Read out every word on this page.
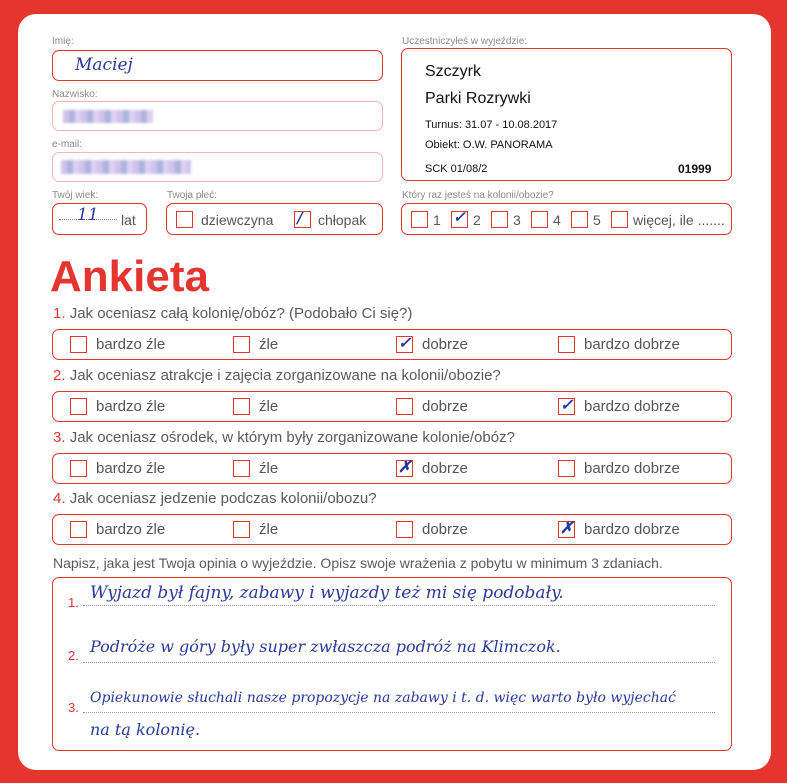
Imię:
Maciej
Nazwisko:
e-mail:
Uczestniczyłeś w wyjeździe:
Szczyrk
Parki Rozrywki
Turnus: 31.07 - 10.08.2017
Obiekt: O.W. PANORAMA
SCK 01/08/2	01999
Twój wiek:
11 lat
Twoja płeć:
dziewczyna / chłopak
Który raz jesteś na kolonii/obozie?
1 ✓ 2 3 4 5 więcej, ile .......
Ankieta
1. Jak oceniasz całą kolonię/obóz? (Podobało Ci się?)
bardzo źle	źle	✓ dobrze	bardzo dobrze
2. Jak oceniasz atrakcje i zajęcia zorganizowane na kolonii/obozie?
bardzo źle	źle	dobrze	✓ bardzo dobrze
3. Jak oceniasz ośrodek, w którym były zorganizowane kolonie/obóz?
bardzo źle	źle	✗ dobrze	bardzo dobrze
4. Jak oceniasz jedzenie podczas kolonii/obozu?
bardzo źle	źle	dobrze	✗ bardzo dobrze
Napisz, jaka jest Twoja opinia o wyjeździe. Opisz swoje wrażenia z pobytu w minimum 3 zdaniach.
1.
2.
3.
Wyjazd był fajny, zabawy i wyjazdy też mi się podobały.
Podróże w góry były super zwłaszcza podróż na Klimczok.
Opiekunowie słuchali nasze propozycje na zabawy i t. d. więc warto było wyjechać
na tą kolonię.
